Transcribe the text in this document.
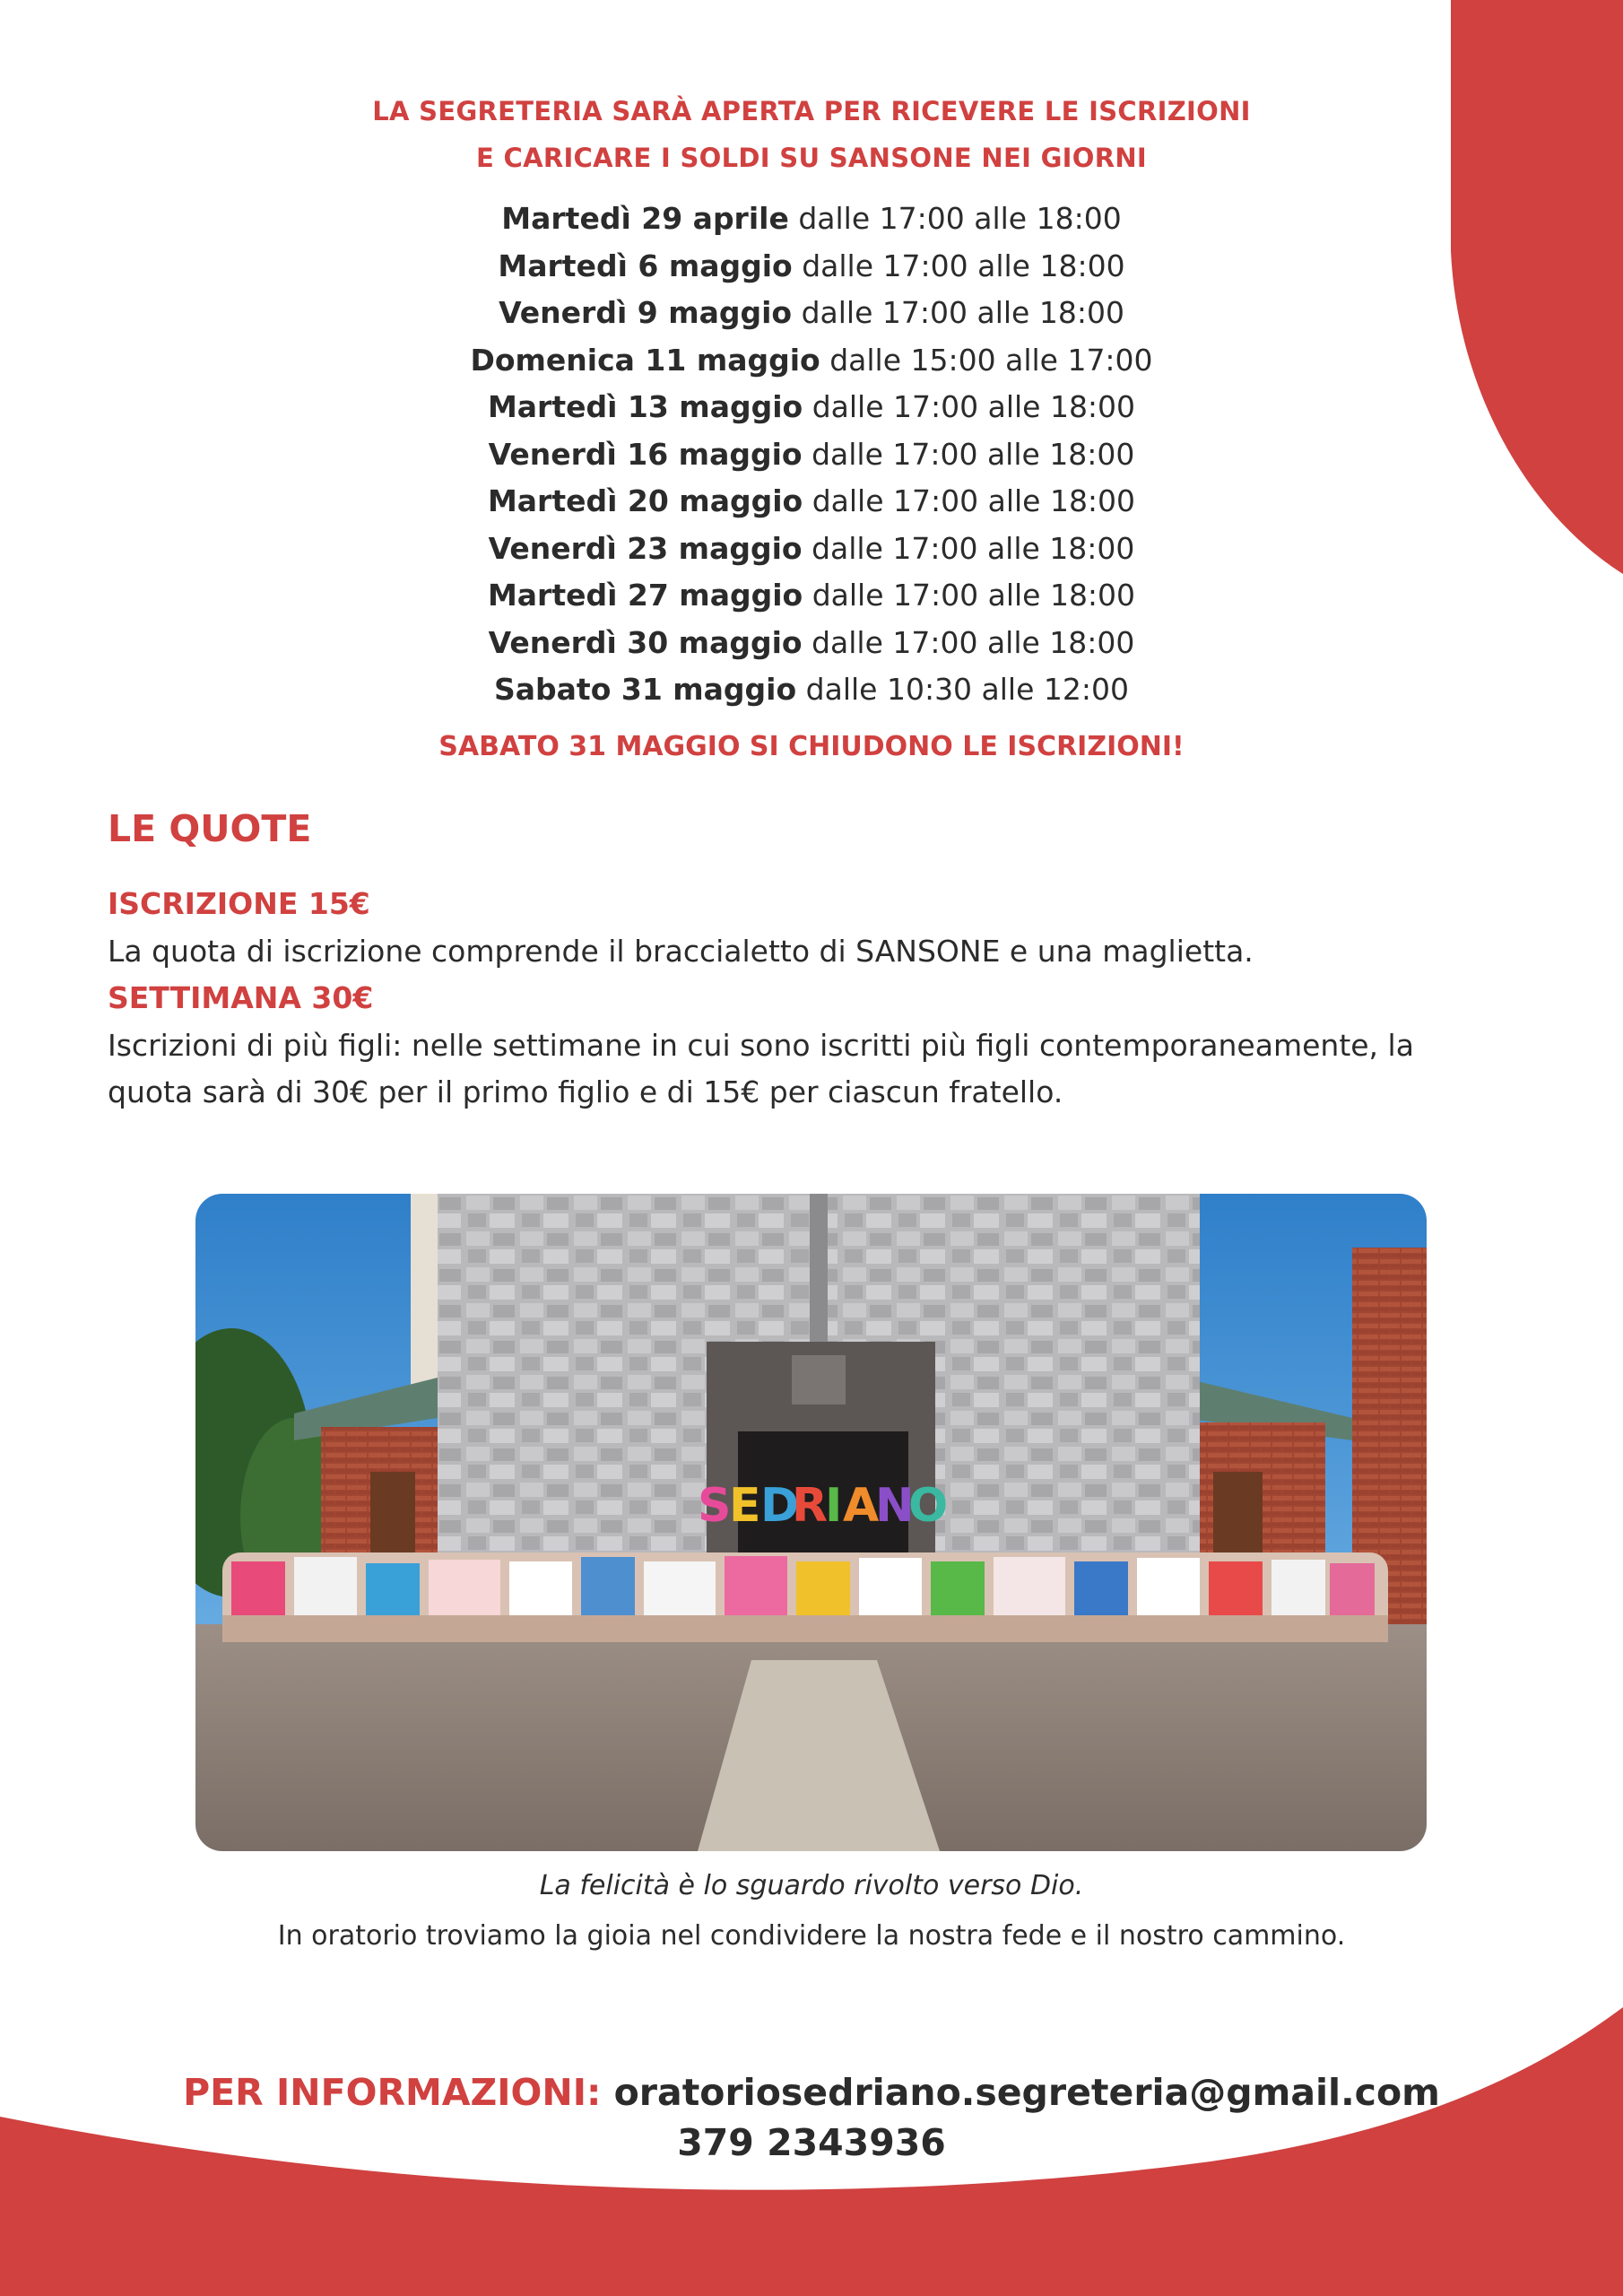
LA SEGRETERIA SARÀ APERTA PER RICEVERE LE ISCRIZIONI
E CARICARE I SOLDI SU SANSONE NEI GIORNI
Martedì 29 aprile dalle 17:00 alle 18:00
Martedì 6 maggio dalle 17:00 alle 18:00
Venerdì 9 maggio dalle 17:00 alle 18:00
Domenica 11 maggio dalle 15:00 alle 17:00
Martedì 13 maggio dalle 17:00 alle 18:00
Venerdì 16 maggio dalle 17:00 alle 18:00
Martedì 20 maggio dalle 17:00 alle 18:00
Venerdì 23 maggio dalle 17:00 alle 18:00
Martedì 27 maggio dalle 17:00 alle 18:00
Venerdì 30 maggio dalle 17:00 alle 18:00
Sabato 31 maggio dalle 10:30 alle 12:00
SABATO 31 MAGGIO SI CHIUDONO LE ISCRIZIONI!
LE QUOTE
ISCRIZIONE 15€
La quota di iscrizione comprende il braccialetto di SANSONE e una maglietta.
SETTIMANA 30€
Iscrizioni di più figli: nelle settimane in cui sono iscritti più figli contemporaneamente, la
quota sarà di 30€ per il primo figlio e di 15€ per ciascun fratello.
S
E D
R
I A
N
O
La felicità è lo sguardo rivolto verso Dio.
In oratorio troviamo la gioia nel condividere la nostra fede e il nostro cammino.
PER INFORMAZIONI: oratoriosedriano.segreteria@gmail.com
379 2343936
